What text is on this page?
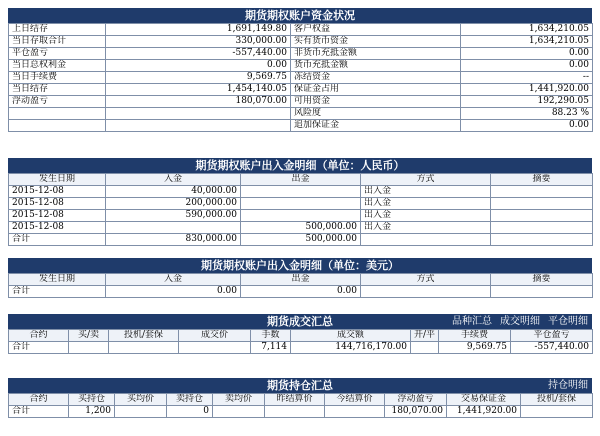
期货期权账户资金状况
上日结存	1,691,149.80	客户权益	1,634,210.05
当日存取合计	330,000.00	实有货币资金	1,634,210.05
平仓盈亏	-557,440.00	非货币充抵金额	0.00
当日总权利金	0.00	货币充抵金额	0.00
当日手续费	9,569.75	冻结资金	--
当日结存	1,454,140.05	保证金占用	1,441,920.00
浮动盈亏	180,070.00	可用资金	192,290.05
		风险度	88.23 %
		追加保证金	0.00
期货期权账户出入金明细（单位：人民币）
发生日期	入金	出金	方式	摘要
2015-12-08	40,000.00		出入金	
2015-12-08	200,000.00		出入金	
2015-12-08	590,000.00		出入金	
2015-12-08		500,000.00	出入金	
合计	830,000.00	500,000.00		
期货期权账户出入金明细（单位：美元）
发生日期	入金	出金	方式	摘要
合计	0.00	0.00		
期货成交汇总	品种汇总 成交明细 平仓明细
合约	买/卖	投机/套保	成交价	手数	成交额	开/平	手续费	平仓盈亏
合计				7,114	144,716,170.00		9,569.75	-557,440.00
期货持仓汇总	持仓明细
合约	买持仓	买均价	卖持仓	卖均价	昨结算价	今结算价	浮动盈亏	交易保证金	投机/套保
合计	1,200		0				180,070.00	1,441,920.00	
